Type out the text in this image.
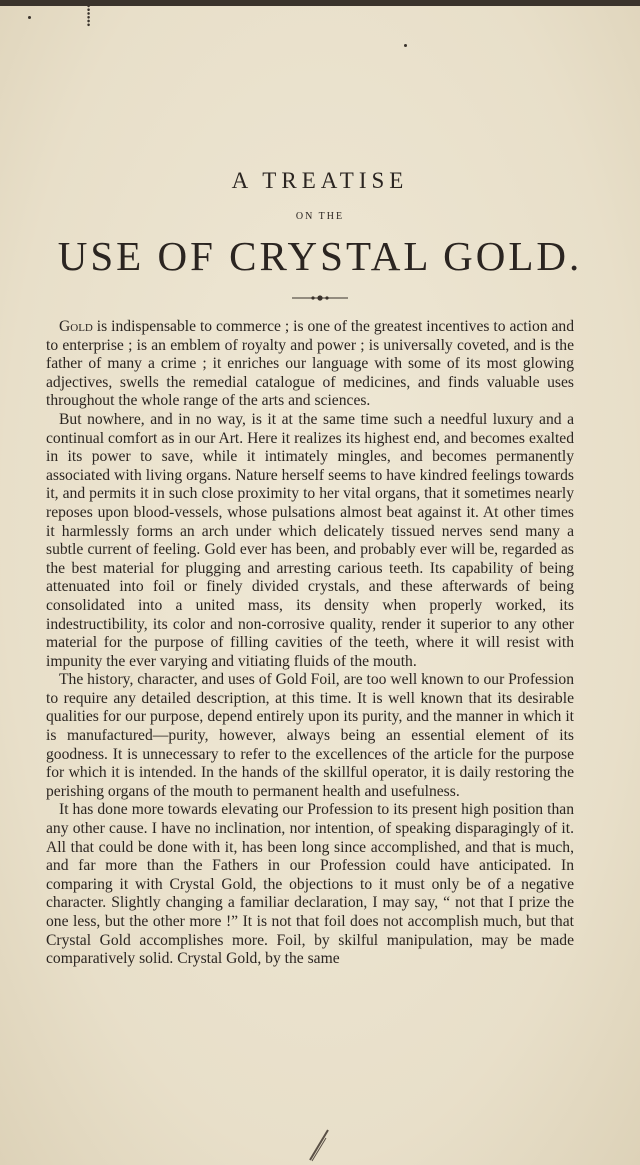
⸽
A TREATISE
ON THE
USE OF CRYSTAL GOLD.

Gold is indispensable to commerce ; is one of the greatest incentives to action and to enterprise ; is an emblem of royalty and power ; is universally coveted, and is the father of many a crime ; it enriches our language with some of its most glowing adjectives, swells the remedial catalogue of medicines, and finds valuable uses throughout the whole range of the arts and sciences.

But nowhere, and in no way, is it at the same time such a needful luxury and a continual comfort as in our Art. Here it realizes its highest end, and becomes exalted in its power to save, while it intimately mingles, and becomes permanently associated with living organs. Nature herself seems to have kindred feelings towards it, and permits it in such close proximity to her vital organs, that it sometimes nearly reposes upon blood-vessels, whose pulsations almost beat against it. At other times it harmlessly forms an arch under which delicately tissued nerves send many a subtle current of feeling. Gold ever has been, and probably ever will be, regarded as the best material for plugging and arresting carious teeth. Its capability of being attenuated into foil or finely divided crystals, and these afterwards of being consolidated into a united mass, its density when properly worked, its indestructibility, its color and non-corrosive quality, render it superior to any other material for the purpose of filling cavities of the teeth, where it will resist with impunity the ever varying and vitiating fluids of the mouth.

The history, character, and uses of Gold Foil, are too well known to our Profession to require any detailed description, at this time. It is well known that its desirable qualities for our purpose, depend entirely upon its purity, and the manner in which it is manufactured—purity, however, always being an essential element of its goodness. It is unnecessary to refer to the excellences of the article for the purpose for which it is intended. In the hands of the skillful operator, it is daily restoring the perishing organs of the mouth to permanent health and usefulness.

It has done more towards elevating our Profession to its present high position than any other cause. I have no inclination, nor intention, of speaking disparagingly of it. All that could be done with it, has been long since accomplished, and that is much, and far more than the Fathers in our Profession could have anticipated. In comparing it with Crystal Gold, the objections to it must only be of a negative character. Slightly changing a familiar declaration, I may say, “ not that I prize the one less, but the other more !” It is not that foil does not accomplish much, but that Crystal Gold accomplishes more. Foil, by skilful manipulation, may be made comparatively solid. Crystal Gold, by the same
